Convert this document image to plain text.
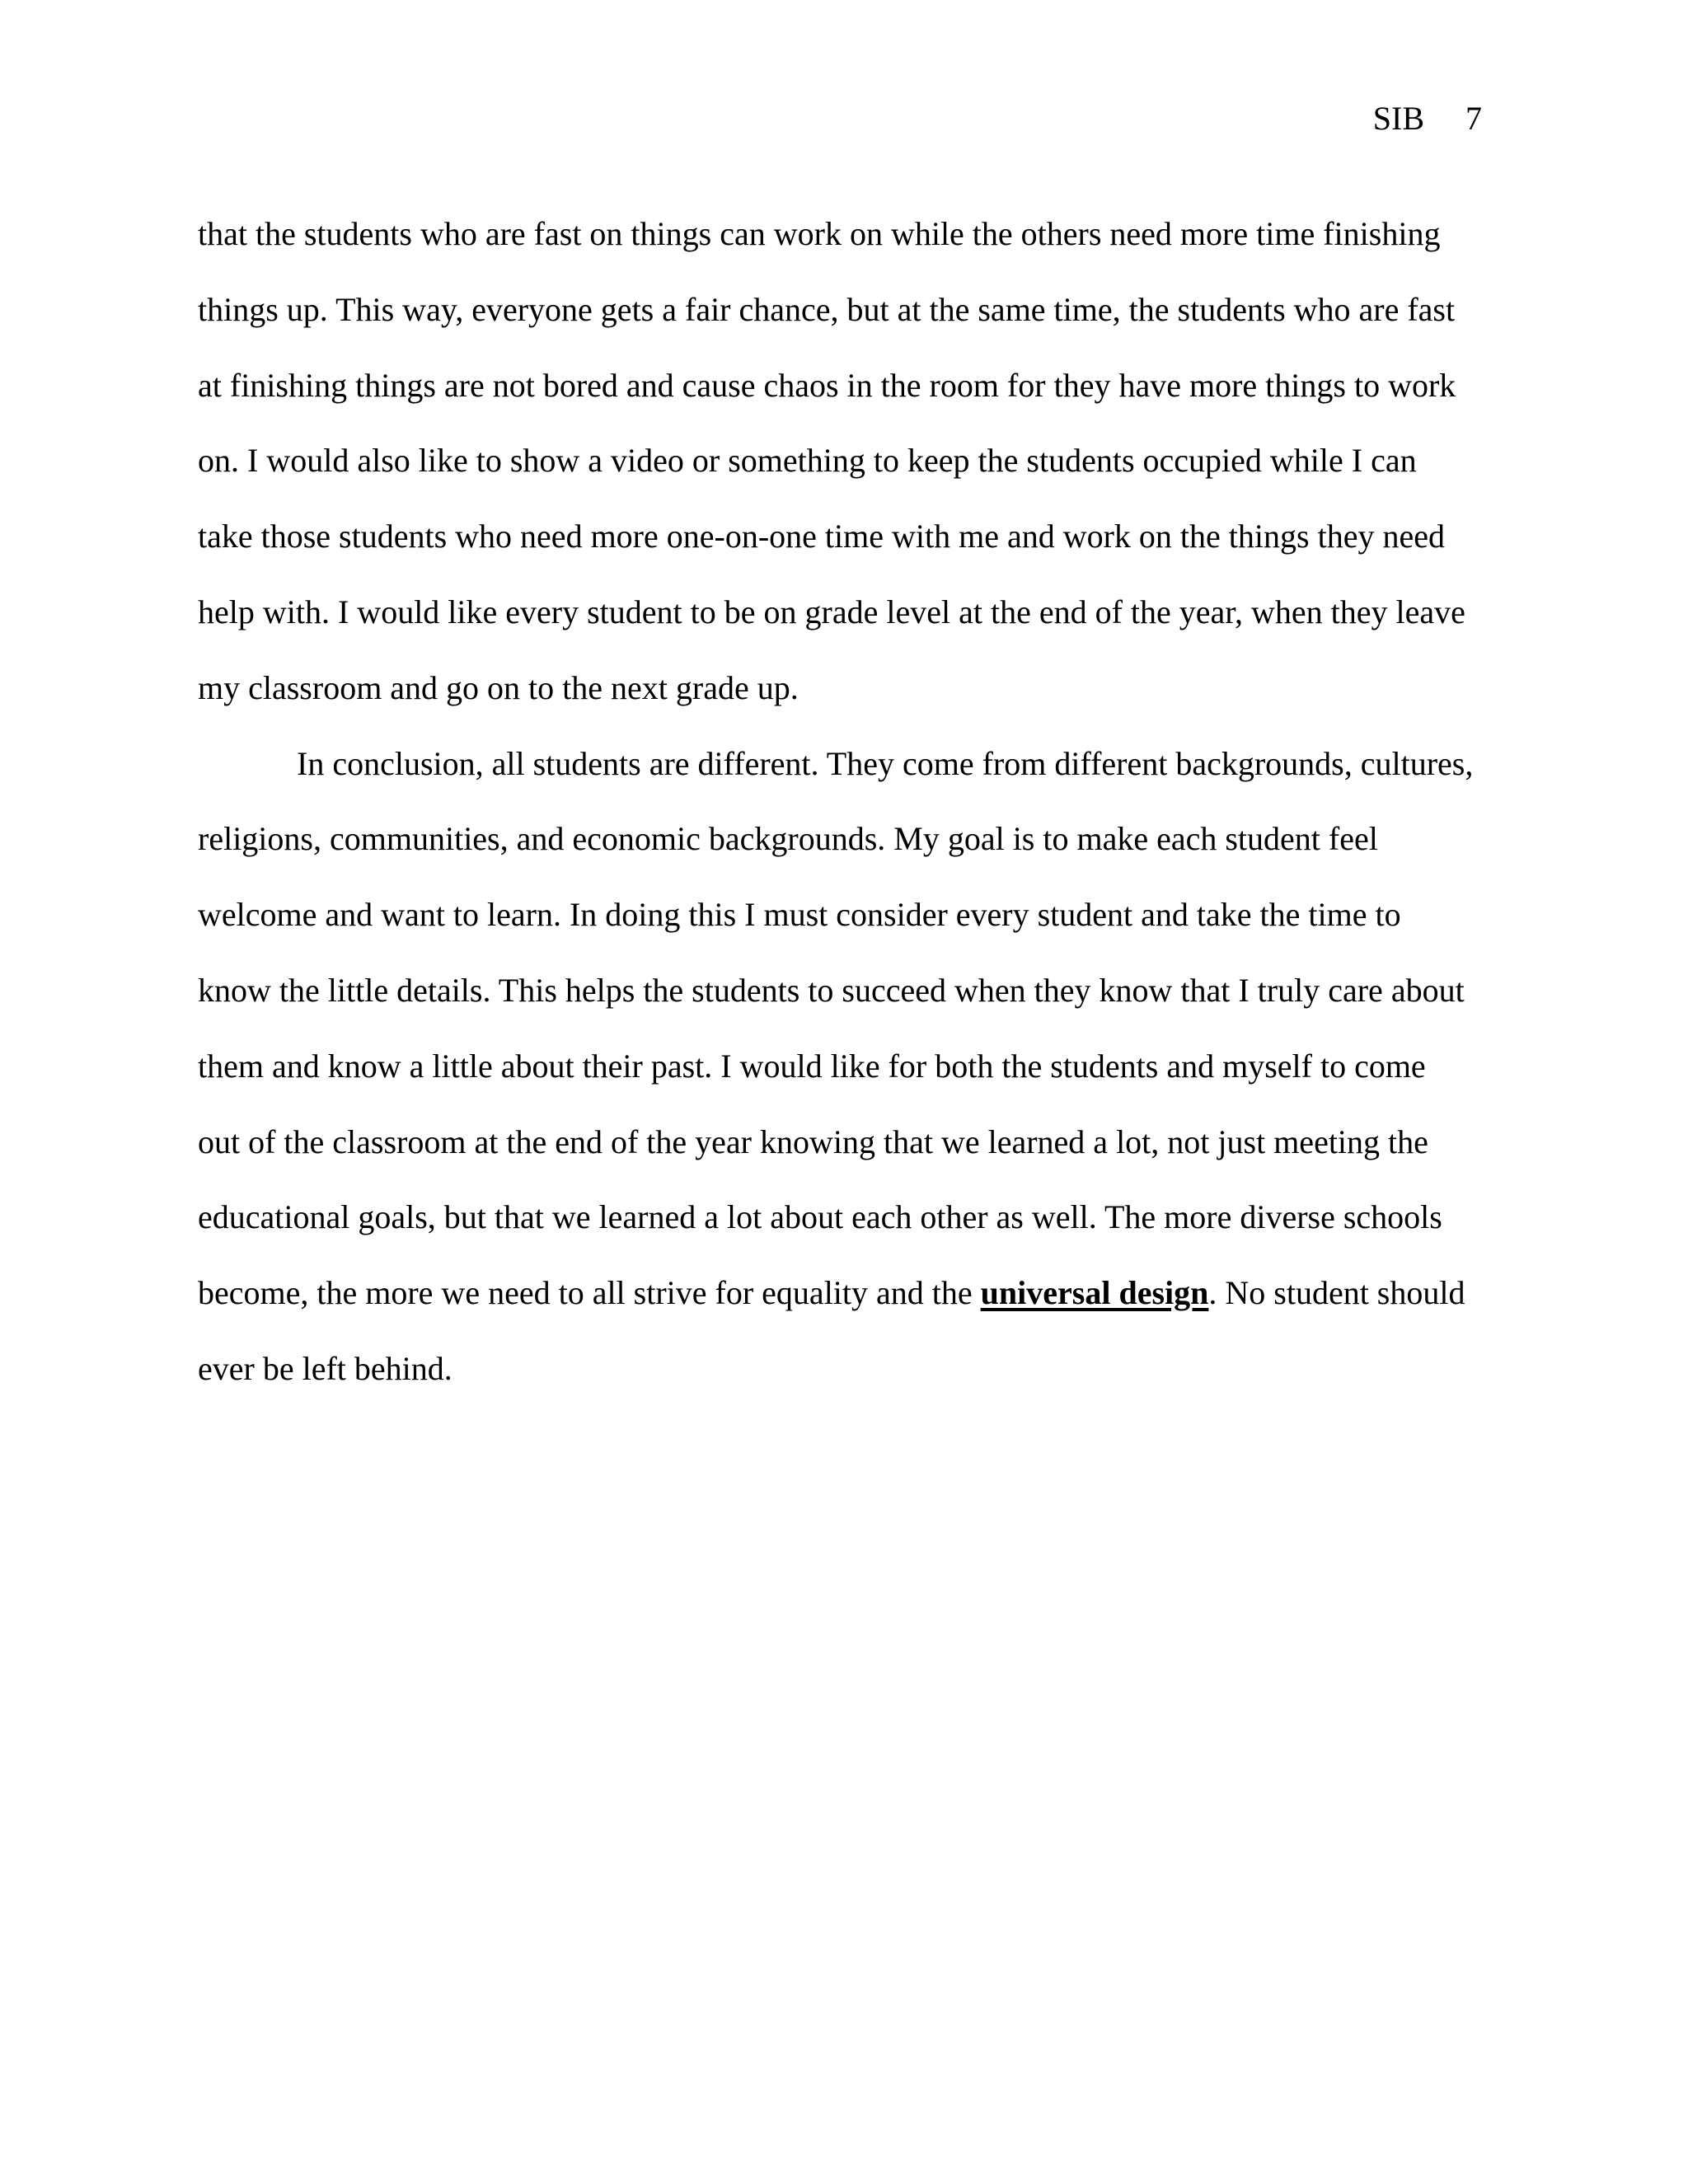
SIB 7
that the students who are fast on things can work on while the others need more time finishing
things up. This way, everyone gets a fair chance, but at the same time, the students who are fast
at finishing things are not bored and cause chaos in the room for they have more things to work
on. I would also like to show a video or something to keep the students occupied while I can
take those students who need more one-on-one time with me and work on the things they need
help with. I would like every student to be on grade level at the end of the year, when they leave
my classroom and go on to the next grade up.
In conclusion, all students are different. They come from different backgrounds, cultures,
religions, communities, and economic backgrounds. My goal is to make each student feel
welcome and want to learn. In doing this I must consider every student and take the time to
know the little details. This helps the students to succeed when they know that I truly care about
them and know a little about their past. I would like for both the students and myself to come
out of the classroom at the end of the year knowing that we learned a lot, not just meeting the
educational goals, but that we learned a lot about each other as well. The more diverse schools
become, the more we need to all strive for equality and the universal design. No student should
ever be left behind.
